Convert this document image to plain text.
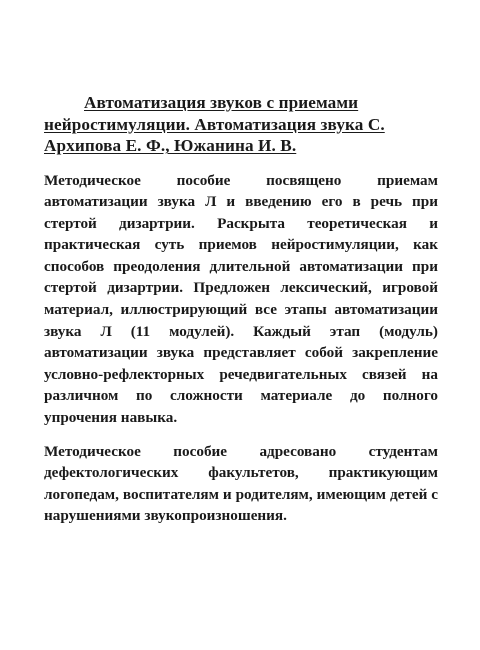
Автоматизация звуков с приемами нейростимуляции. Автоматизация звука С. Архипова Е. Ф., Южанина И. В.

Методическое пособие посвящено приемам автоматизации звука Л и введению его в речь при стертой дизартрии. Раскрыта теоретическая и практическая суть приемов нейростимуляции, как способов преодоления длительной автоматизации при стертой дизартрии. Предложен лексический, игровой материал, иллюстрирующий все этапы автоматизации звука Л (11 модулей). Каждый этап (модуль) автоматизации звука представляет собой закрепление условно-рефлекторных речедвигательных связей на различном по сложности материале до полного упрочения навыка.

Методическое пособие адресовано студентам дефектологических факультетов, практикующим логопедам, воспитателям и родителям, имеющим детей с нарушениями звукопроизношения.
